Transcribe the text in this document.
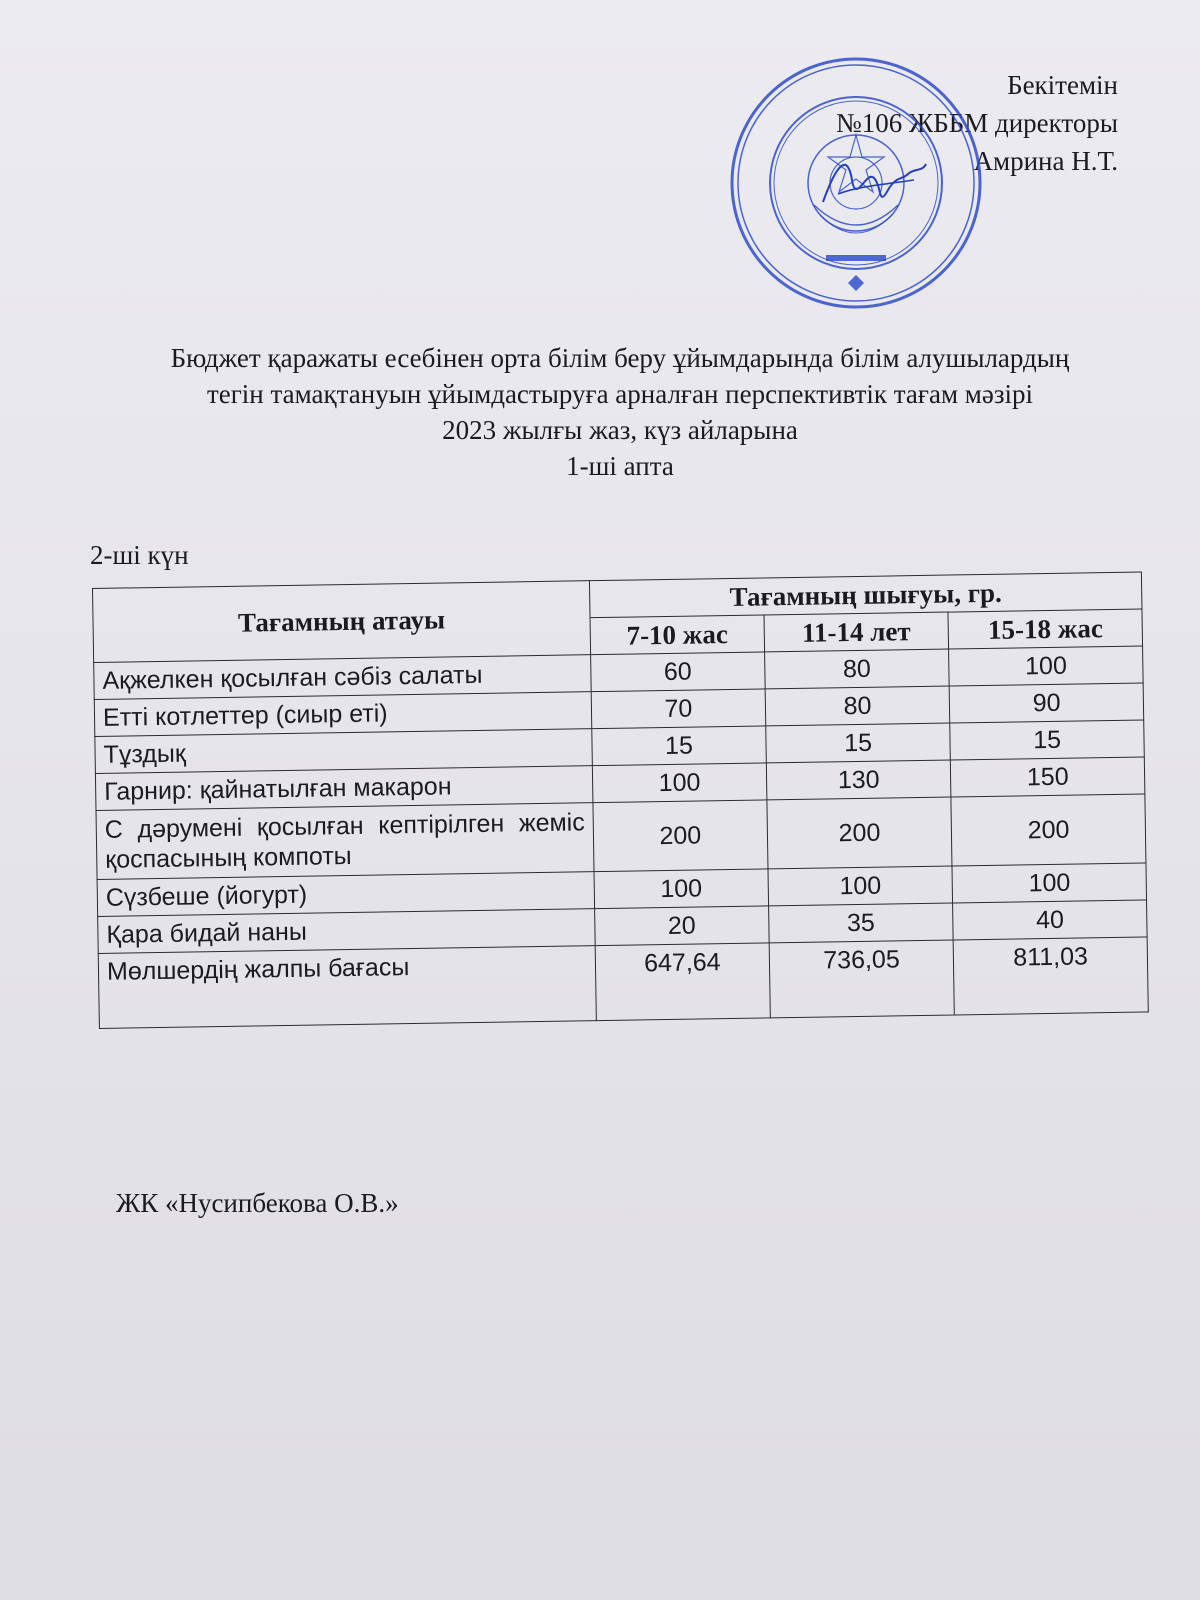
Бекітемін
№106 ЖББМ директоры
Амрина Н.Т.
Бюджет қаражаты есебінен орта білім беру ұйымдарында білім алушылардың
тегін тамақтануын ұйымдастыруға арналған перспективтік тағам мәзірі
2023 жылғы жаз, күз айларына
1-ші апта
2-ші күн
Тағамның атауы	Тағамның шығуы, гр.		
	7-10 жас	11-14 лет	15-18 жас
Ақжелкен қосылған сәбіз салаты	60	80	100
Етті котлеттер (сиыр еті)	70	80	90
Тұздық	15	15	15
Гарнир: қайнатылған макарон	100	130	150
С дәрумені қосылған кептірілген жеміс қоспасының компоты	200	200	200
Сүзбеше (йогурт)	100	100	100
Қара бидай наны	20	35	40
Мөлшердің жалпы бағасы	647,64	736,05	811,03
ЖК «Нусипбекова О.В.»
